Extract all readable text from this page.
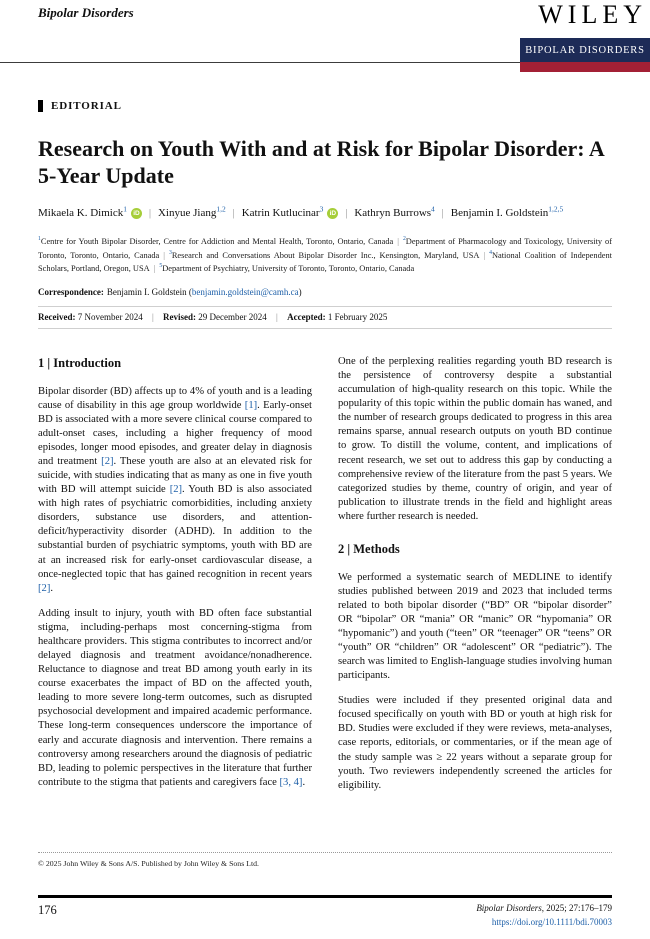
Bipolar Disorders	WILEY
BIPOLAR DISORDERS
EDITORIAL
Research on Youth With and at Risk for Bipolar Disorder: A 5-Year Update
Mikaela K. Dimick$^1$iD | Xinyue Jiang$^{1,2}$ | Katrin Kutlucinar$^3$iD | Kathryn Burrows$^4$ | Benjamin I. Goldstein$^{1,2,5}$
$^1$Centre for Youth Bipolar Disorder, Centre for Addiction and Mental Health, Toronto, Ontario, Canada | $^2$Department of Pharmacology and Toxicology, University of Toronto, Toronto, Ontario, Canada | $^3$Research and Conversations About Bipolar Disorder Inc., Kensington, Maryland, USA | $^4$National Coalition of Independent Scholars, Portland, Oregon, USA | $^5$Department of Psychiatry, University of Toronto, Toronto, Ontario, Canada

Correspondence: Benjamin I. Goldstein (benjamin.goldstein@camh.ca)

Received: 7 November 2024 | Revised: 29 December 2024 | Accepted: 1 February 2025
1 | Introduction

Bipolar disorder (BD) affects up to 4% of youth and is a leading cause of disability in this age group worldwide [1]. Early-onset BD is associated with a more severe clinical course compared to adult-onset cases, including a higher frequency of mood episodes, longer mood episodes, and greater delay in diagnosis and treatment [2]. These youth are also at an elevated risk for suicide, with studies indicating that as many as one in five youth with BD will attempt suicide [2]. Youth BD is also associated with high rates of psychiatric comorbidities, including anxiety disorders, substance use disorders, and attention-deficit/hyperactivity disorder (ADHD). In addition to the substantial burden of psychiatric symptoms, youth with BD are at an increased risk for early-onset cardiovascular disease, a once-neglected topic that has gained recognition in recent years [2].

Adding insult to injury, youth with BD often face substantial stigma, including-perhaps most concerning-stigma from healthcare providers. This stigma contributes to incorrect and/or delayed diagnosis and treatment avoidance/nonadherence. Reluctance to diagnose and treat BD among youth early in its course exacerbates the impact of BD on the affected youth, leading to more severe long-term outcomes, such as disrupted psychosocial development and impaired academic performance. These long-term consequences underscore the importance of early and accurate diagnosis and intervention. There remains a controversy among researchers around the diagnosis of pediatric BD, leading to polemic perspectives in the literature that further contribute to the stigma that patients and caregivers face [3, 4].

One of the perplexing realities regarding youth BD research is the persistence of controversy despite a substantial accumulation of high-quality research on this topic. While the popularity of this topic within the public domain has waned, and the number of research groups dedicated to progress in this area remains sparse, annual research outputs on youth BD continue to grow. To distill the volume, content, and implications of recent research, we set out to address this gap by conducting a comprehensive review of the literature from the past 5 years. We categorized studies by theme, country of origin, and year of publication to illustrate trends in the field and highlight areas where further research is needed.

2 | Methods

We performed a systematic search of MEDLINE to identify studies published between 2019 and 2023 that included terms related to both bipolar disorder (“BD” OR “bipolar disorder” OR “bipolar” OR “mania” OR “manic” OR “hypomania” OR “hypomanic”) and youth (“teen” OR “teenager” OR “teens” OR “youth” OR “children” OR “adolescent” OR “pediatric”). The search was limited to English-language studies involving human participants.

Studies were included if they presented original data and focused specifically on youth with BD or youth at high risk for BD. Studies were excluded if they were reviews, meta-analyses, case reports, editorials, or commentaries, or if the mean age of the study sample was ≥ 22 years without a separate group for youth. Two reviewers independently screened the articles for eligibility.

© 2025 John Wiley & Sons A/S. Published by John Wiley & Sons Ltd.
176	Bipolar Disorders, 2025; 27:176–179
https://doi.org/10.1111/bdi.70003
